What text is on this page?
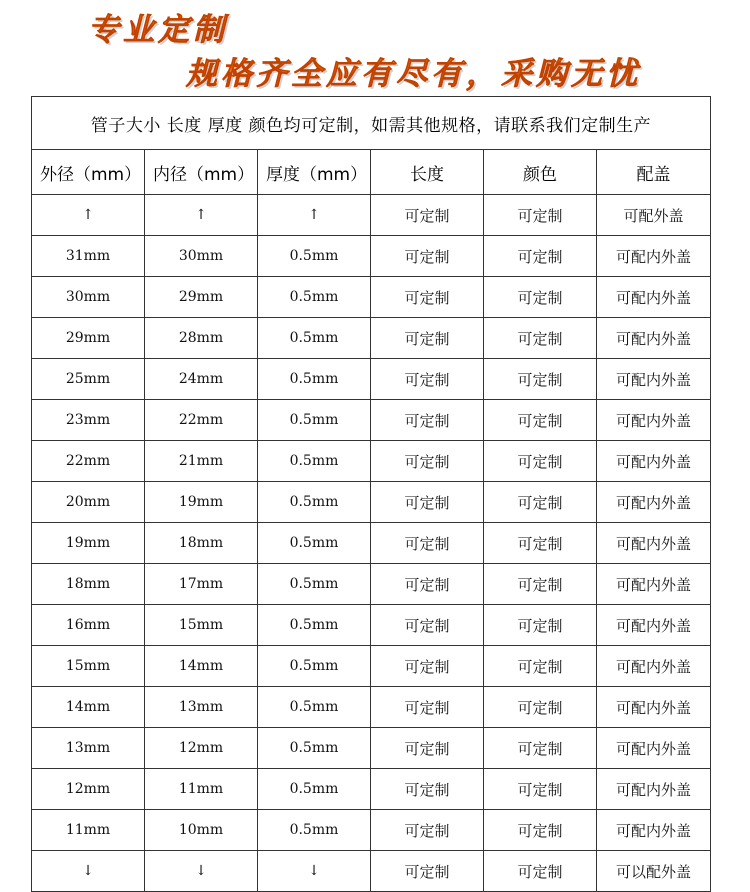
专业定制
规格齐全应有尽有，采购无忧
管子大小 长度 厚度 颜色均可定制，如需其他规格，请联系我们定制生产					
外径（mm）	内径（mm）	厚度（mm）	长度	颜色	配盖
↑	↑	↑	可定制	可定制	可配外盖
31mm	30mm	0.5mm	可定制	可定制	可配内外盖
30mm	29mm	0.5mm	可定制	可定制	可配内外盖
29mm	28mm	0.5mm	可定制	可定制	可配内外盖
25mm	24mm	0.5mm	可定制	可定制	可配内外盖
23mm	22mm	0.5mm	可定制	可定制	可配内外盖
22mm	21mm	0.5mm	可定制	可定制	可配内外盖
20mm	19mm	0.5mm	可定制	可定制	可配内外盖
19mm	18mm	0.5mm	可定制	可定制	可配内外盖
18mm	17mm	0.5mm	可定制	可定制	可配内外盖
16mm	15mm	0.5mm	可定制	可定制	可配内外盖
15mm	14mm	0.5mm	可定制	可定制	可配内外盖
14mm	13mm	0.5mm	可定制	可定制	可配内外盖
13mm	12mm	0.5mm	可定制	可定制	可配内外盖
12mm	11mm	0.5mm	可定制	可定制	可配内外盖
11mm	10mm	0.5mm	可定制	可定制	可配内外盖
↓	↓	↓	可定制	可定制	可以配外盖
